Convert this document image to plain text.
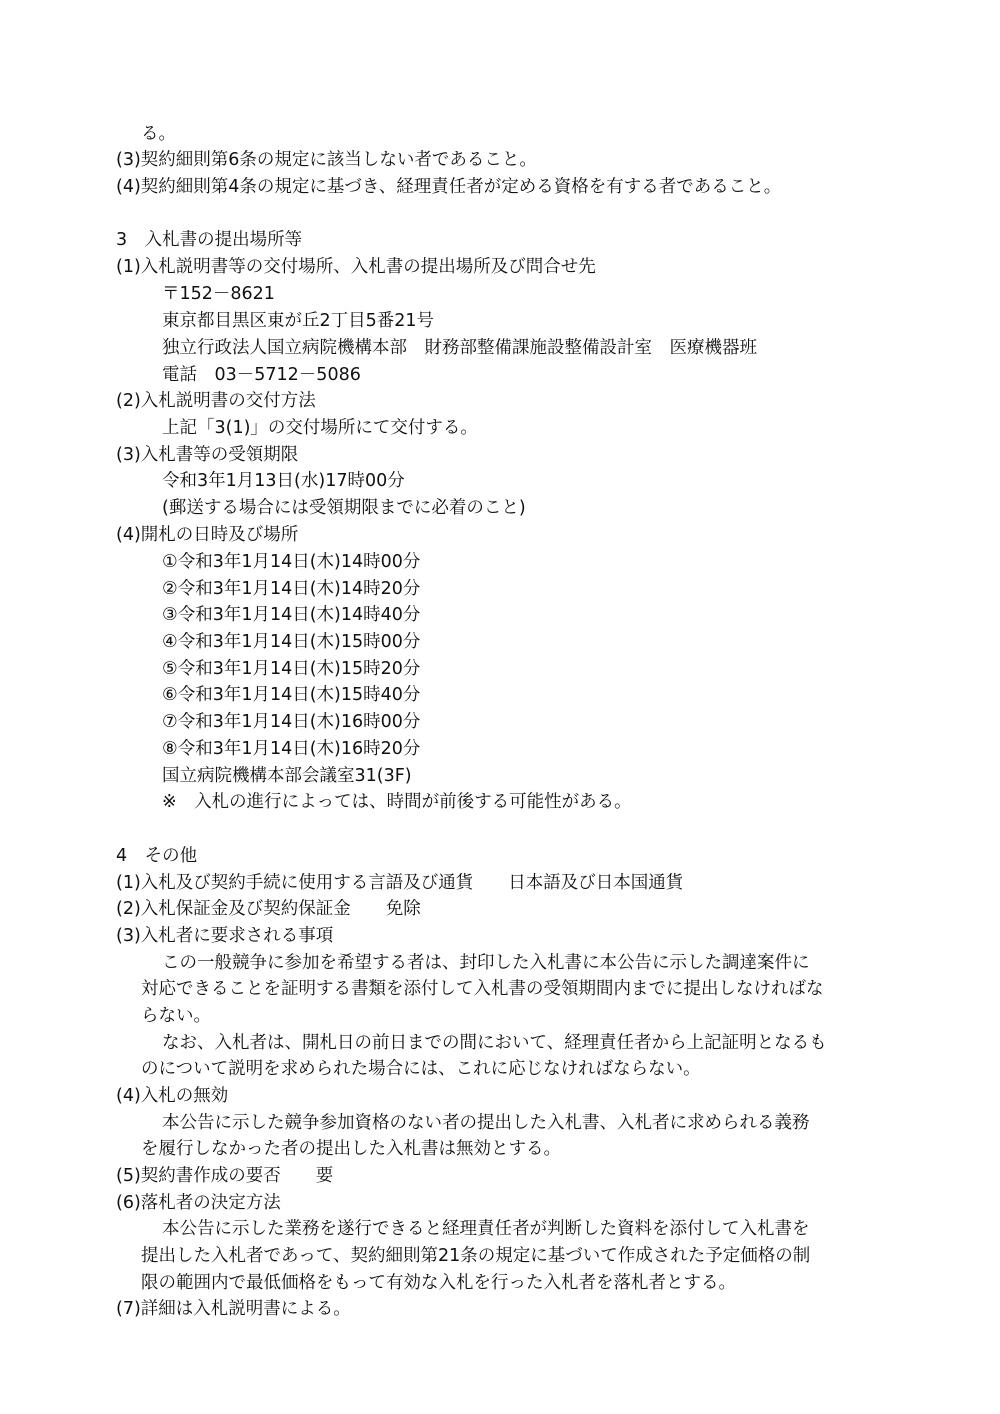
る。
(3)契約細則第6条の規定に該当しない者であること。
(4)契約細則第4条の規定に基づき、経理責任者が定める資格を有する者であること。
3　入札書の提出場所等
(1)入札説明書等の交付場所、入札書の提出場所及び問合せ先
〒152－8621
東京都目黒区東が丘2丁目5番21号
独立行政法人国立病院機構本部　財務部整備課施設整備設計室　医療機器班
電話　03－5712－5086
(2)入札説明書の交付方法
上記「3(1)」の交付場所にて交付する。
(3)入札書等の受領期限
令和3年1月13日(水)17時00分
(郵送する場合には受領期限までに必着のこと)
(4)開札の日時及び場所
①令和3年1月14日(木)14時00分
②令和3年1月14日(木)14時20分
③令和3年1月14日(木)14時40分
④令和3年1月14日(木)15時00分
⑤令和3年1月14日(木)15時20分
⑥令和3年1月14日(木)15時40分
⑦令和3年1月14日(木)16時00分
⑧令和3年1月14日(木)16時20分
国立病院機構本部会議室31(3F)
※　入札の進行によっては、時間が前後する可能性がある。
4　その他
(1)入札及び契約手続に使用する言語及び通貨　　日本語及び日本国通貨
(2)入札保証金及び契約保証金　　免除
(3)入札者に要求される事項
この一般競争に参加を希望する者は、封印した入札書に本公告に示した調達案件に
対応できることを証明する書類を添付して入札書の受領期間内までに提出しなければな
らない。
なお、入札者は、開札日の前日までの間において、経理責任者から上記証明となるも
のについて説明を求められた場合には、これに応じなければならない。
(4)入札の無効
本公告に示した競争参加資格のない者の提出した入札書、入札者に求められる義務
を履行しなかった者の提出した入札書は無効とする。
(5)契約書作成の要否　　要
(6)落札者の決定方法
本公告に示した業務を遂行できると経理責任者が判断した資料を添付して入札書を
提出した入札者であって、契約細則第21条の規定に基づいて作成された予定価格の制
限の範囲内で最低価格をもって有効な入札を行った入札者を落札者とする。
(7)詳細は入札説明書による。
